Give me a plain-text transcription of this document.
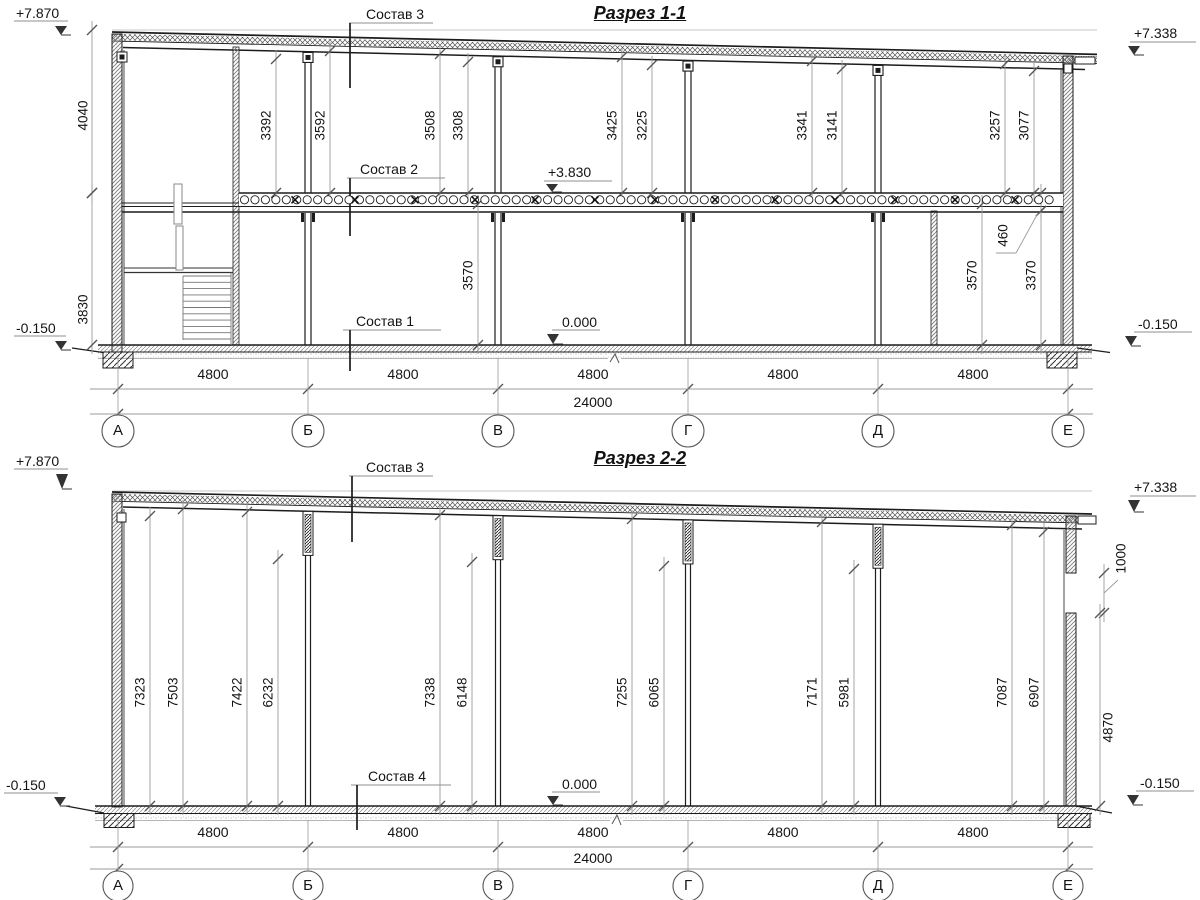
Разрез 1-1
Разрез 2-2
4040
3830
3392	3592	3508 3308	3425 3225	3341 3141	3257 3077
3570	3570	3370
460
+7.870
-0.150
+3.830
0.000
+7.338
-0.150
Состав 3
Состав 2
Состав 1
4800	4800	4800	4800	4800
24000
А	Б	В	Г	Д	Е
7323 7503	7422 6232	7338 6148	7255 6065	7171 5981	7087 6907
1000
4870
+7.870
-0.150	0.000
+7.338
-0.150
Состав 3
Состав 4
4800	4800	4800	4800	4800
24000
А	Б	В	Г	Д	Е
